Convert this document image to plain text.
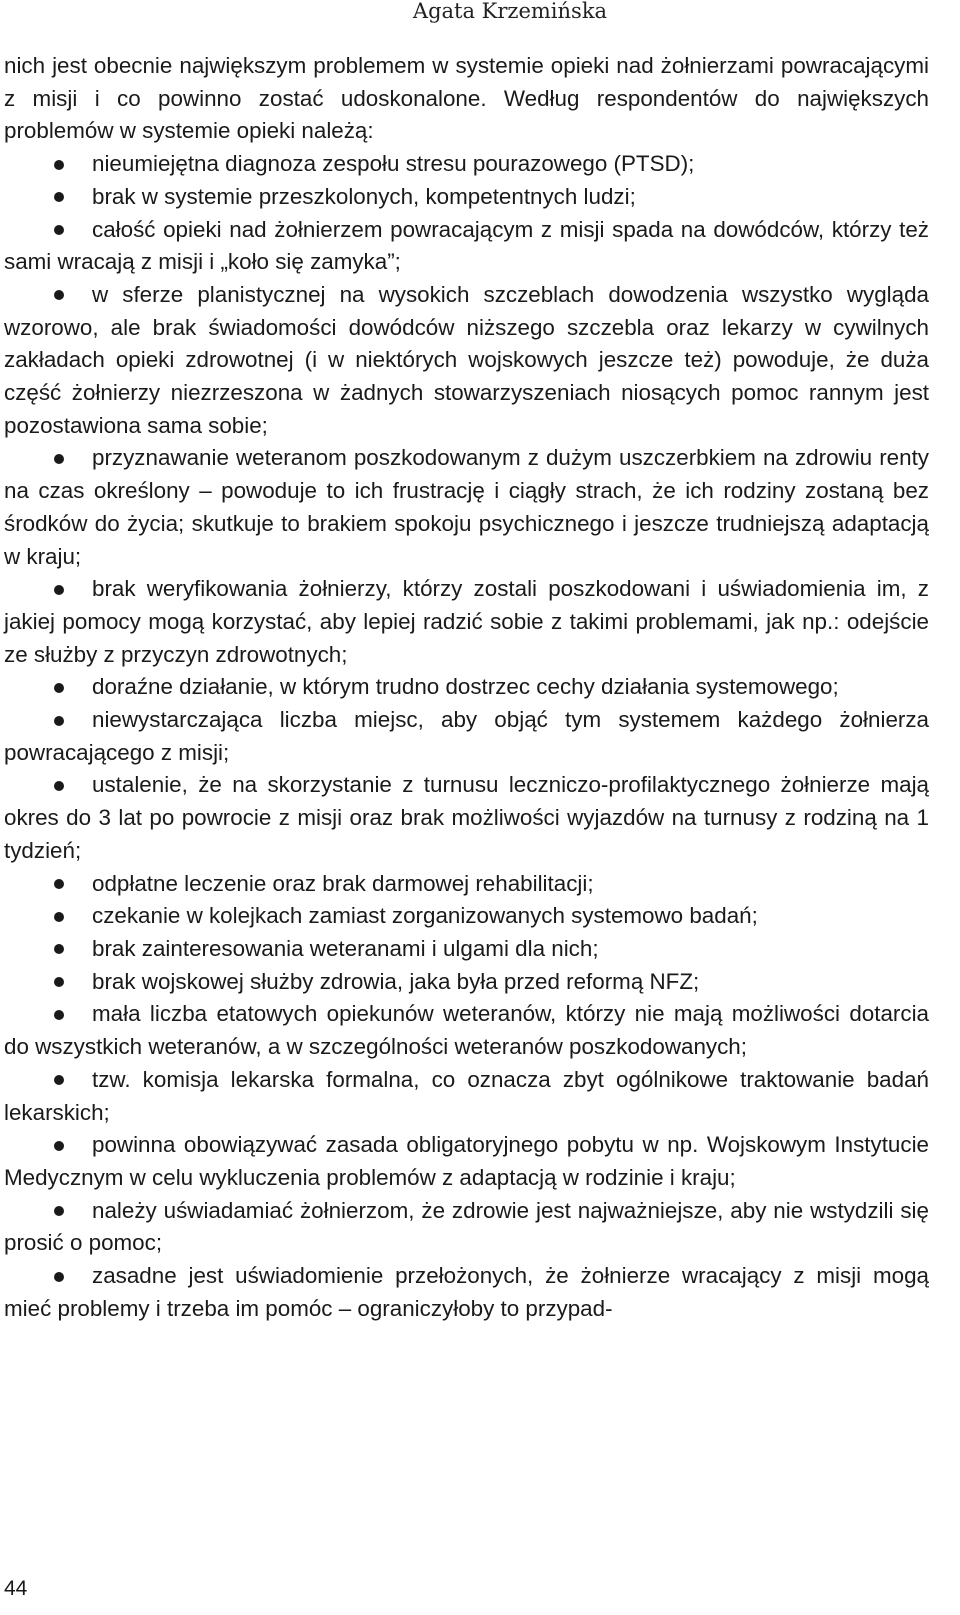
Agata Krzemińska

nich jest obecnie największym problemem w systemie opieki nad żołnierzami powracającymi z misji i co powinno zostać udoskonalone. Według respondentów do największych problemów w systemie opieki należą:

nieumiejętna diagnoza zespołu stresu pourazowego (PTSD);
brak w systemie przeszkolonych, kompetentnych ludzi;
całość opieki nad żołnierzem powracającym z misji spada na dowódców, którzy też sami wracają z misji i „koło się zamyka”;
w sferze planistycznej na wysokich szczeblach dowodzenia wszystko wygląda wzorowo, ale brak świadomości dowódców niższego szczebla oraz lekarzy w cywilnych zakładach opieki zdrowotnej (i w niektórych wojskowych jeszcze też) powoduje, że duża część żołnierzy niezrzeszona w żadnych stowarzyszeniach niosących pomoc rannym jest pozostawiona sama sobie;
przyznawanie weteranom poszkodowanym z dużym uszczerbkiem na zdrowiu renty na czas określony – powoduje to ich frustrację i ciągły strach, że ich rodziny zostaną bez środków do życia; skutkuje to brakiem spokoju psychicznego i jeszcze trudniejszą adaptacją w kraju;
brak weryfikowania żołnierzy, którzy zostali poszkodowani i uświadomienia im, z jakiej pomocy mogą korzystać, aby lepiej radzić sobie z takimi problemami, jak np.: odejście ze służby z przyczyn zdrowotnych;
doraźne działanie, w którym trudno dostrzec cechy działania systemowego;
niewystarczająca liczba miejsc, aby objąć tym systemem każdego żołnierza powracającego z misji;
ustalenie, że na skorzystanie z turnusu leczniczo-profilaktycznego żołnierze mają okres do 3 lat po powrocie z misji oraz brak możliwości wyjazdów na turnusy z rodziną na 1 tydzień;
odpłatne leczenie oraz brak darmowej rehabilitacji;
czekanie w kolejkach zamiast zorganizowanych systemowo badań;
brak zainteresowania weteranami i ulgami dla nich;
brak wojskowej służby zdrowia, jaka była przed reformą NFZ;
mała liczba etatowych opiekunów weteranów, którzy nie mają możliwości dotarcia do wszystkich weteranów, a w szczególności weteranów poszkodowanych;
tzw. komisja lekarska formalna, co oznacza zbyt ogólnikowe traktowanie badań lekarskich;
powinna obowiązywać zasada obligatoryjnego pobytu w np. Wojskowym Instytucie Medycznym w celu wykluczenia problemów z adaptacją w rodzinie i kraju;
należy uświadamiać żołnierzom, że zdrowie jest najważniejsze, aby nie wstydzili się prosić o pomoc;
zasadne jest uświadomienie przełożonych, że żołnierze wracający z misji mogą mieć problemy i trzeba im pomóc – ograniczyłoby to przypad-
44
